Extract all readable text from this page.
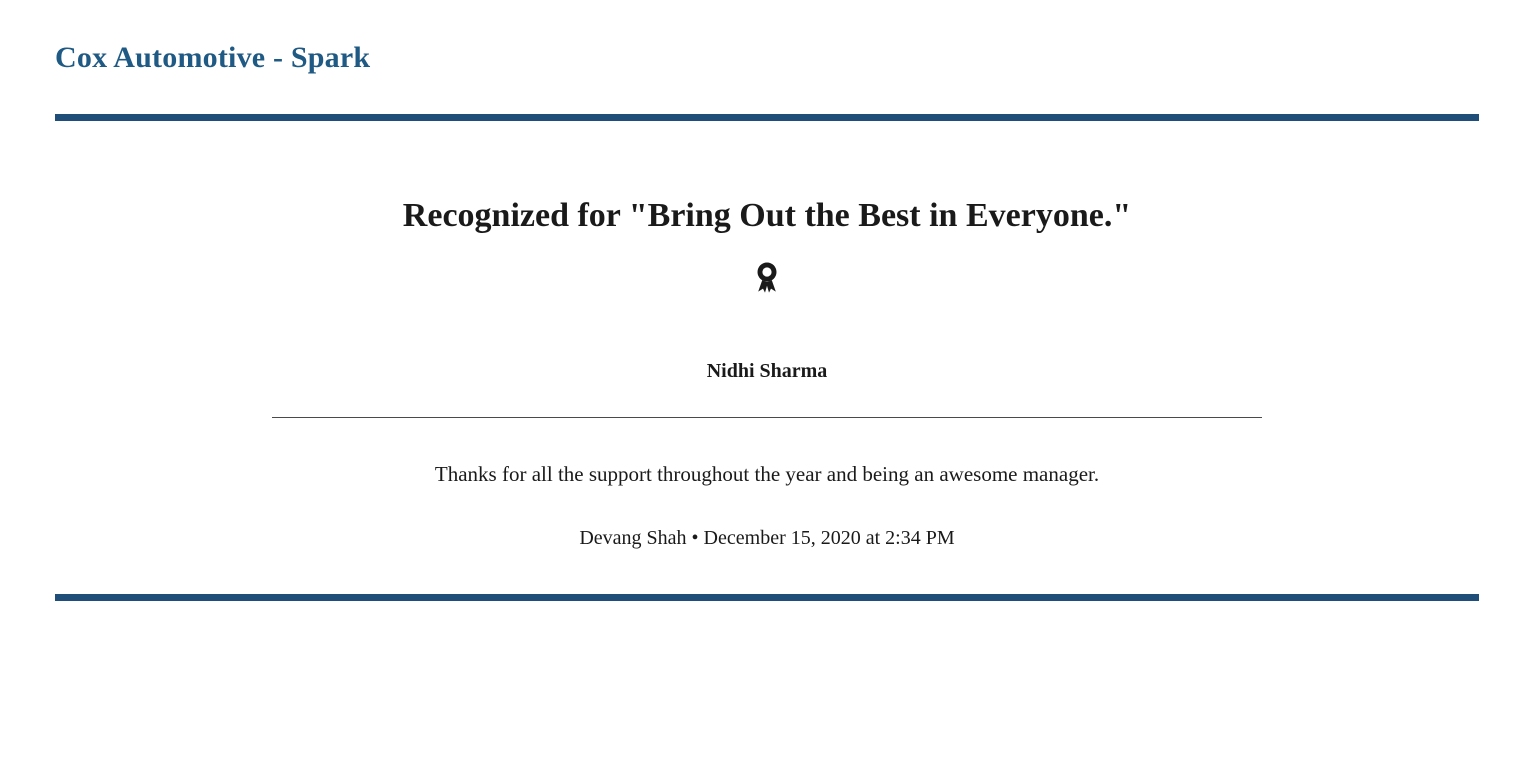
Cox Automotive - Spark
Recognized for "Bring Out the Best in Everyone."
Nidhi Sharma
Thanks for all the support throughout the year and being an awesome manager.
Devang Shah • December 15, 2020 at 2:34 PM
